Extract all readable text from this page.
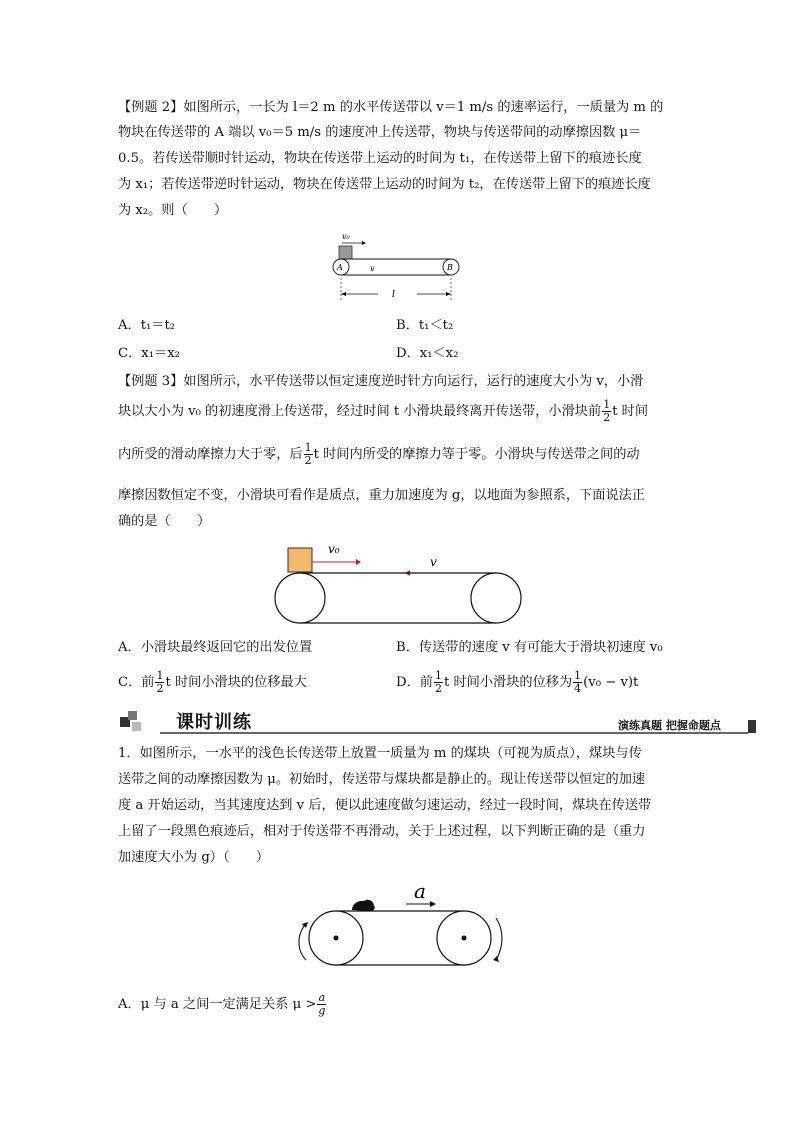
【例题 2】如图所示，一长为 l＝2 m 的水平传送带以 v＝1 m/s 的速率运行，一质量为 m 的
物块在传送带的 A 端以 v₀＝5 m/s 的速度冲上传送带，物块与传送带间的动摩擦因数 μ＝
0.5。若传送带顺时针运动，物块在传送带上运动的时间为 t₁，在传送带上留下的痕迹长度
为 x₁；若传送带逆时针运动，物块在传送带上运动的时间为 t₂，在传送带上留下的痕迹长度
为 x₂。则（　　）
v₀
A	B
v
l
A．t₁＝t₂	B．t₁＜t₂
C．x₁＝x₂	D．x₁＜x₂
【例题 3】如图所示，水平传送带以恒定速度逆时针方向运行，运行的速度大小为 v，小滑
块以大小为 v₀ 的初速度滑上传送带，经过时间 t 小滑块最终离开传送带，小滑块前 $\frac{1}{2}$ t 时间
内所受的滑动摩擦力大于零，后 $\frac{1}{2}$ t 时间内所受的摩擦力等于零。小滑块与传送带之间的动
摩擦因数恒定不变，小滑块可看作是质点，重力加速度为 g，以地面为参照系，下面说法正
确的是（　　）
v₀
v
A．小滑块最终返回它的出发位置	B．传送带的速度 v 有可能大于滑块初速度 v₀
C．前 $\frac{1}{2}$ t 时间小滑块的位移最大	D．前 $\frac{1}{2}$ t 时间小滑块的位移为 $\frac{1}{4} (v_0 - v)t$
课时训练	演练真题 把握命题点
1．如图所示，一水平的浅色长传送带上放置一质量为 m 的煤块（可视为质点），煤块与传
送带之间的动摩擦因数为 μ。初始时，传送带与煤块都是静止的。现让传送带以恒定的加速
度 a 开始运动，当其速度达到 v 后，便以此速度做匀速运动，经过一段时间，煤块在传送带
上留了一段黑色痕迹后，相对于传送带不再滑动，关于上述过程，以下判断正确的是（重力
加速度大小为 g）（　　）
a
A．μ 与 a 之间一定满足关系 $\mu > \frac{a}{g}$
